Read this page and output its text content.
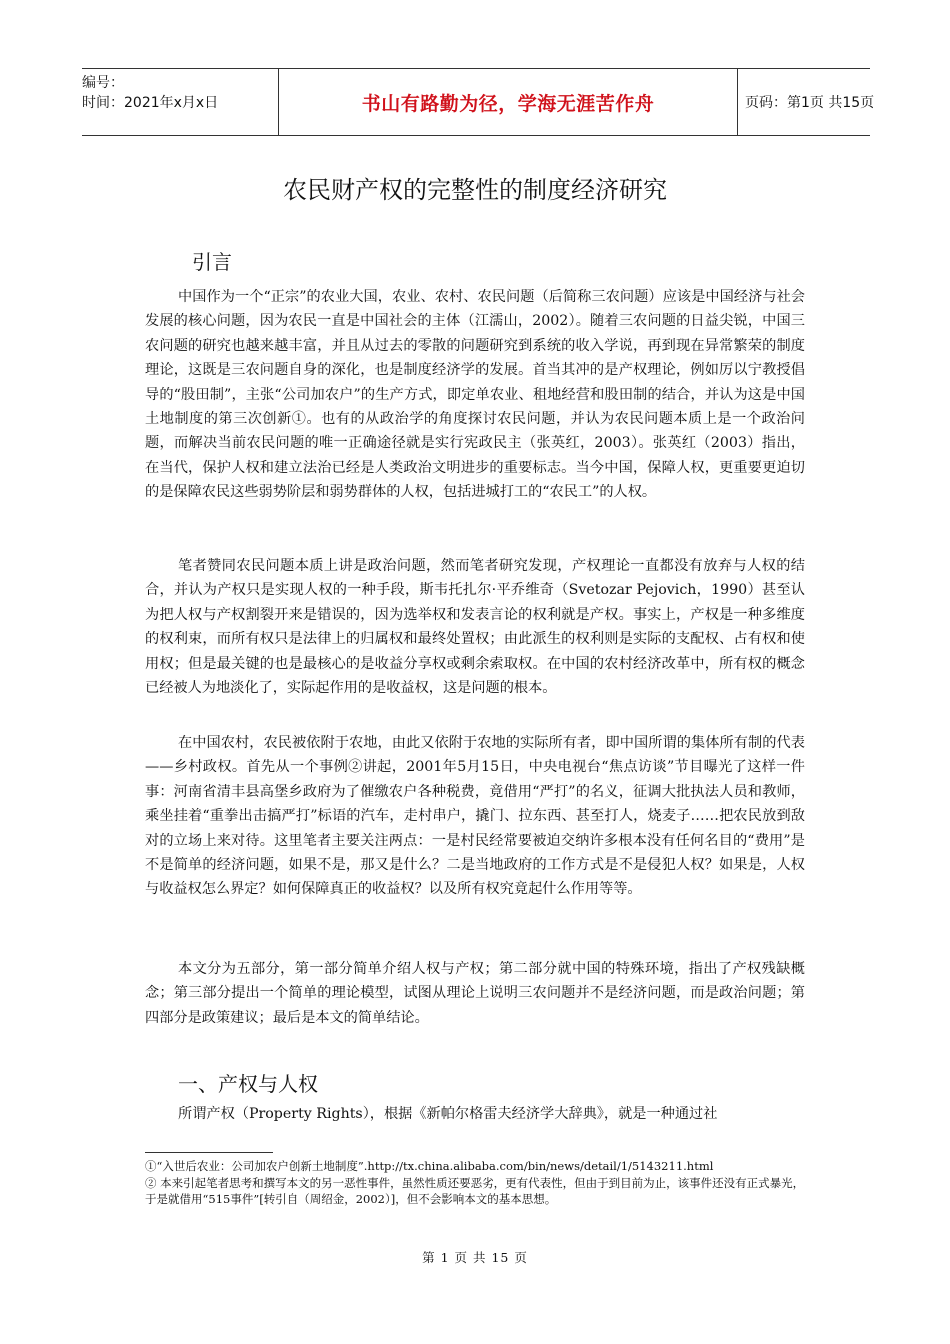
编号：
时间：2021年x月x日	书山有路勤为径，学海无涯苦作舟	页码：第1页 共15页
农民财产权的完整性的制度经济研究
引言
中国作为一个“正宗”的农业大国，农业、农村、农民问题（后简称三农问题）应该是中国经济与社会发展的核心问题，因为农民一直是中国社会的主体（江濡山，2002）。随着三农问题的日益尖锐，中国三农问题的研究也越来越丰富，并且从过去的零散的问题研究到系统的收入学说，再到现在异常繁荣的制度理论，这既是三农问题自身的深化，也是制度经济学的发展。首当其冲的是产权理论，例如厉以宁教授倡导的“股田制”，主张“公司加农户”的生产方式，即定单农业、租地经营和股田制的结合，并认为这是中国土地制度的第三次创新①。也有的从政治学的角度探讨农民问题，并认为农民问题本质上是一个政治问题，而解决当前农民问题的唯一正确途径就是实行宪政民主（张英红，2003）。张英红（2003）指出，在当代，保护人权和建立法治已经是人类政治文明进步的重要标志。当今中国，保障人权，更重要更迫切的是保障农民这些弱势阶层和弱势群体的人权，包括进城打工的“农民工”的人权。
笔者赞同农民问题本质上讲是政治问题，然而笔者研究发现，产权理论一直都没有放弃与人权的结合，并认为产权只是实现人权的一种手段，斯韦托扎尔·平乔维奇（Svetozar Pejovich，1990）甚至认为把人权与产权割裂开来是错误的，因为选举权和发表言论的权利就是产权。事实上，产权是一种多维度的权利束，而所有权只是法律上的归属权和最终处置权；由此派生的权利则是实际的支配权、占有权和使用权；但是最关键的也是最核心的是收益分享权或剩余索取权。在中国的农村经济改革中，所有权的概念已经被人为地淡化了，实际起作用的是收益权，这是问题的根本。
在中国农村，农民被依附于农地，由此又依附于农地的实际所有者，即中国所谓的集体所有制的代表——乡村政权。首先从一个事例②讲起，2001年5月15日，中央电视台“焦点访谈”节目曝光了这样一件事：河南省清丰县高堡乡政府为了催缴农户各种税费，竟借用“严打”的名义，征调大批执法人员和教师，乘坐挂着“重拳出击搞严打”标语的汽车，走村串户，撬门、拉东西、甚至打人，烧麦子……把农民放到敌对的立场上来对待。这里笔者主要关注两点：一是村民经常要被迫交纳许多根本没有任何名目的“费用”是不是简单的经济问题，如果不是，那又是什么？二是当地政府的工作方式是不是侵犯人权？如果是，人权与收益权怎么界定？如何保障真正的收益权？以及所有权究竟起什么作用等等。
本文分为五部分，第一部分简单介绍人权与产权；第二部分就中国的特殊环境，指出了产权残缺概念；第三部分提出一个简单的理论模型，试图从理论上说明三农问题并不是经济问题，而是政治问题；第四部分是政策建议；最后是本文的简单结论。
一、产权与人权
所谓产权（Property Rights），根据《新帕尔格雷夫经济学大辞典》，就是一种通过社
①“入世后农业：公司加农户创新土地制度”.http://tx.china.alibaba.com/bin/news/detail/1/5143211.html
② 本来引起笔者思考和撰写本文的另一恶性事件，虽然性质还要恶劣，更有代表性，但由于到目前为止，该事件还没有正式暴光，于是就借用“515事件”[转引自（周绍金，2002）]，但不会影响本文的基本思想。
第 1 页 共 15 页
